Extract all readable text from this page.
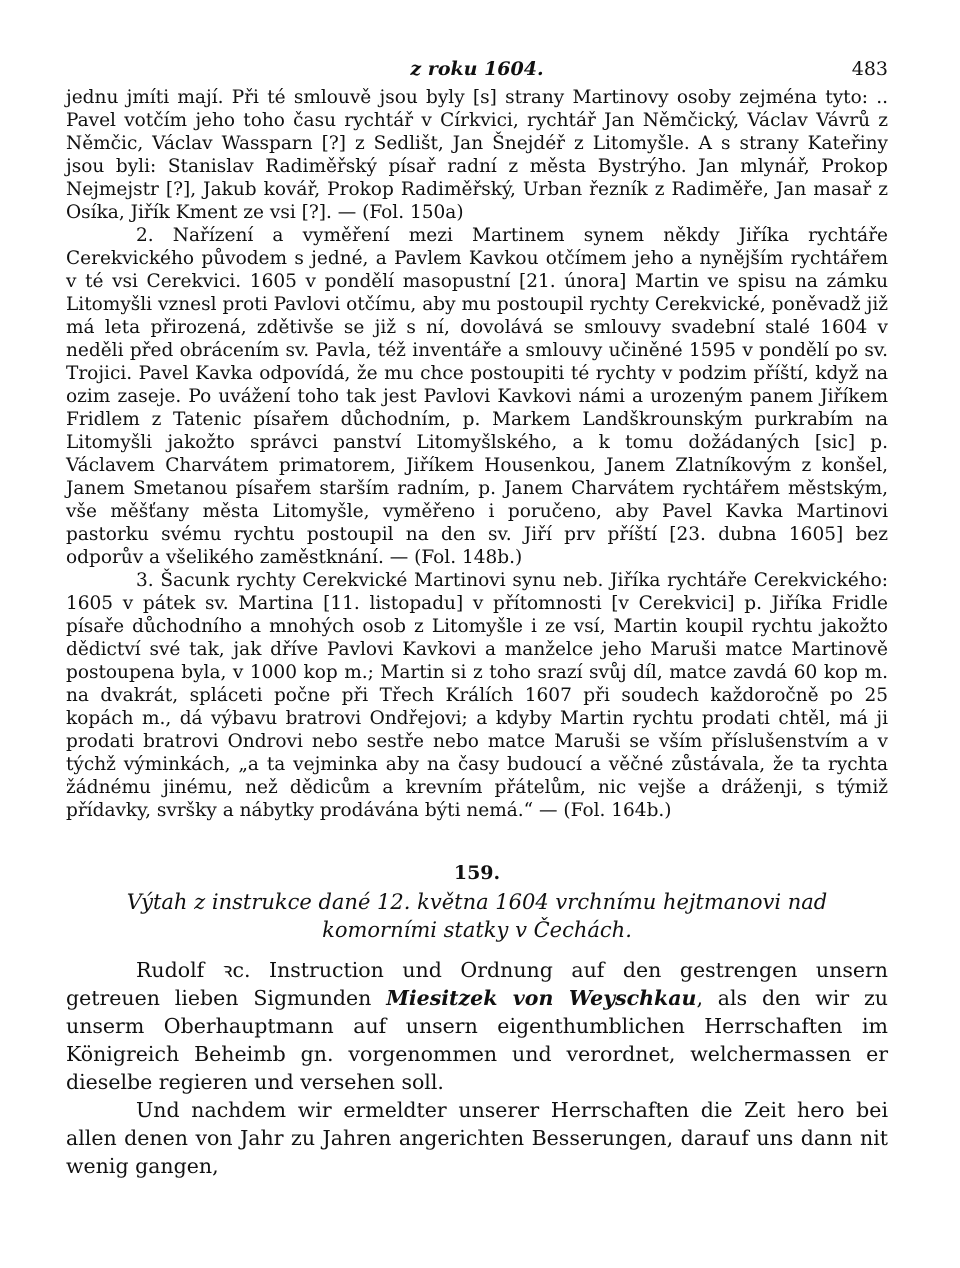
z roku 1604.	483

jednu jmíti mají. Při té smlouvě jsou byly [s] strany Martinovy osoby zejména tyto: .. Pavel votčím jeho toho času rychtář v Církvici, rychtář Jan Němčický, Václav Vávrů z Němčic, Václav Wassparn [?] z Sedlišt, Jan Šnejdéř z Litomyšle. A s strany Kateřiny jsou byli: Stanislav Radiměřský písař radní z města Bystrýho. Jan mlynář, Prokop Nejmejstr [?], Jakub kovář, Prokop Radiměřský, Urban řezník z Radiměře, Jan masař z Osíka, Jiřík Kment ze vsi [?]. — (Fol. 150a)

2. Nařízení a vyměření mezi Martinem synem někdy Jiříka rychtáře Cerekvického původem s jedné, a Pavlem Kavkou otčímem jeho a nynějším rychtářem v té vsi Cerekvici. 1605 v pondělí masopustní [21. února] Martin ve spisu na zámku Litomyšli vznesl proti Pavlovi otčímu, aby mu postoupil rychty Cerekvické, poněvadž již má leta přirozená, zdětivše se již s ní, dovolává se smlouvy svadební stalé 1604 v neděli před obrácením sv. Pavla, též inventáře a smlouvy učiněné 1595 v pondělí po sv. Trojici. Pavel Kavka odpovídá, že mu chce postoupiti té rychty v podzim příští, když na ozim zaseje. Po uvážení toho tak jest Pavlovi Kavkovi námi a urozeným panem Jiříkem Fridlem z Tatenic písařem důchodním, p. Markem Landškrounským purkrabím na Litomyšli jakožto správci panství Litomyšlského, a k tomu dožádaných [sic] p. Václavem Charvátem primatorem, Jiříkem Housenkou, Janem Zlatníkovým z konšel, Janem Smetanou písařem starším radním, p. Janem Charvátem rychtářem městským, vše měšťany města Litomyšle, vyměřeno i poručeno, aby Pavel Kavka Martinovi pastorku svému rychtu postoupil na den sv. Jiří prv příští [23. dubna 1605] bez odporův a všelikého zaměstknání. — (Fol. 148b.)

3. Šacunk rychty Cerekvické Martinovi synu neb. Jiříka rychtáře Cerekvického: 1605 v pátek sv. Martina [11. listopadu] v přítomnosti [v Cerekvici] p. Jiříka Fridle písaře důchodního a mnohých osob z Litomyšle i ze vsí, Martin koupil rychtu jakožto dědictví své tak, jak dříve Pavlovi Kavkovi a manželce jeho Maruši matce Martinově postoupena byla, v 1000 kop m.; Martin si z toho srazí svůj díl, matce zavdá 60 kop m. na dvakrát, spláceti počne při Třech Králích 1607 při soudech každoročně po 25 kopách m., dá výbavu bratrovi Ondřejovi; a kdyby Martin rychtu prodati chtěl, má ji prodati bratrovi Ondrovi nebo sestře nebo matce Maruši se vším příslušenstvím a v týchž výminkách, „a ta vejminka aby na časy budoucí a věčné zůstávala, že ta rychta žádnému jinému, než dědicům a krevním přátelům, nic vejše a dráženji, s týmiž přídavky, svršky a nábytky prodávána býti nemá.“ — (Fol. 164b.)

159.
Výtah z instrukce dané 12. května 1604 vrchnímu hejtmanovi nad komorními statky v Čechách.

Rudolf ꝛc. Instruction und Ordnung auf den gestrengen unsern getreuen lieben Sigmunden Miesitzek von Weyschkau, als den wir zu unserm Oberhauptmann auf unsern eigenthumblichen Herrschaften im Königreich Beheimb gn. vorgenommen und verordnet, welchermassen er dieselbe regieren und versehen soll.

Und nachdem wir ermeldter unserer Herrschaften die Zeit hero bei allen denen von Jahr zu Jahren angerichten Besserungen, darauf uns dann nit wenig gangen,
